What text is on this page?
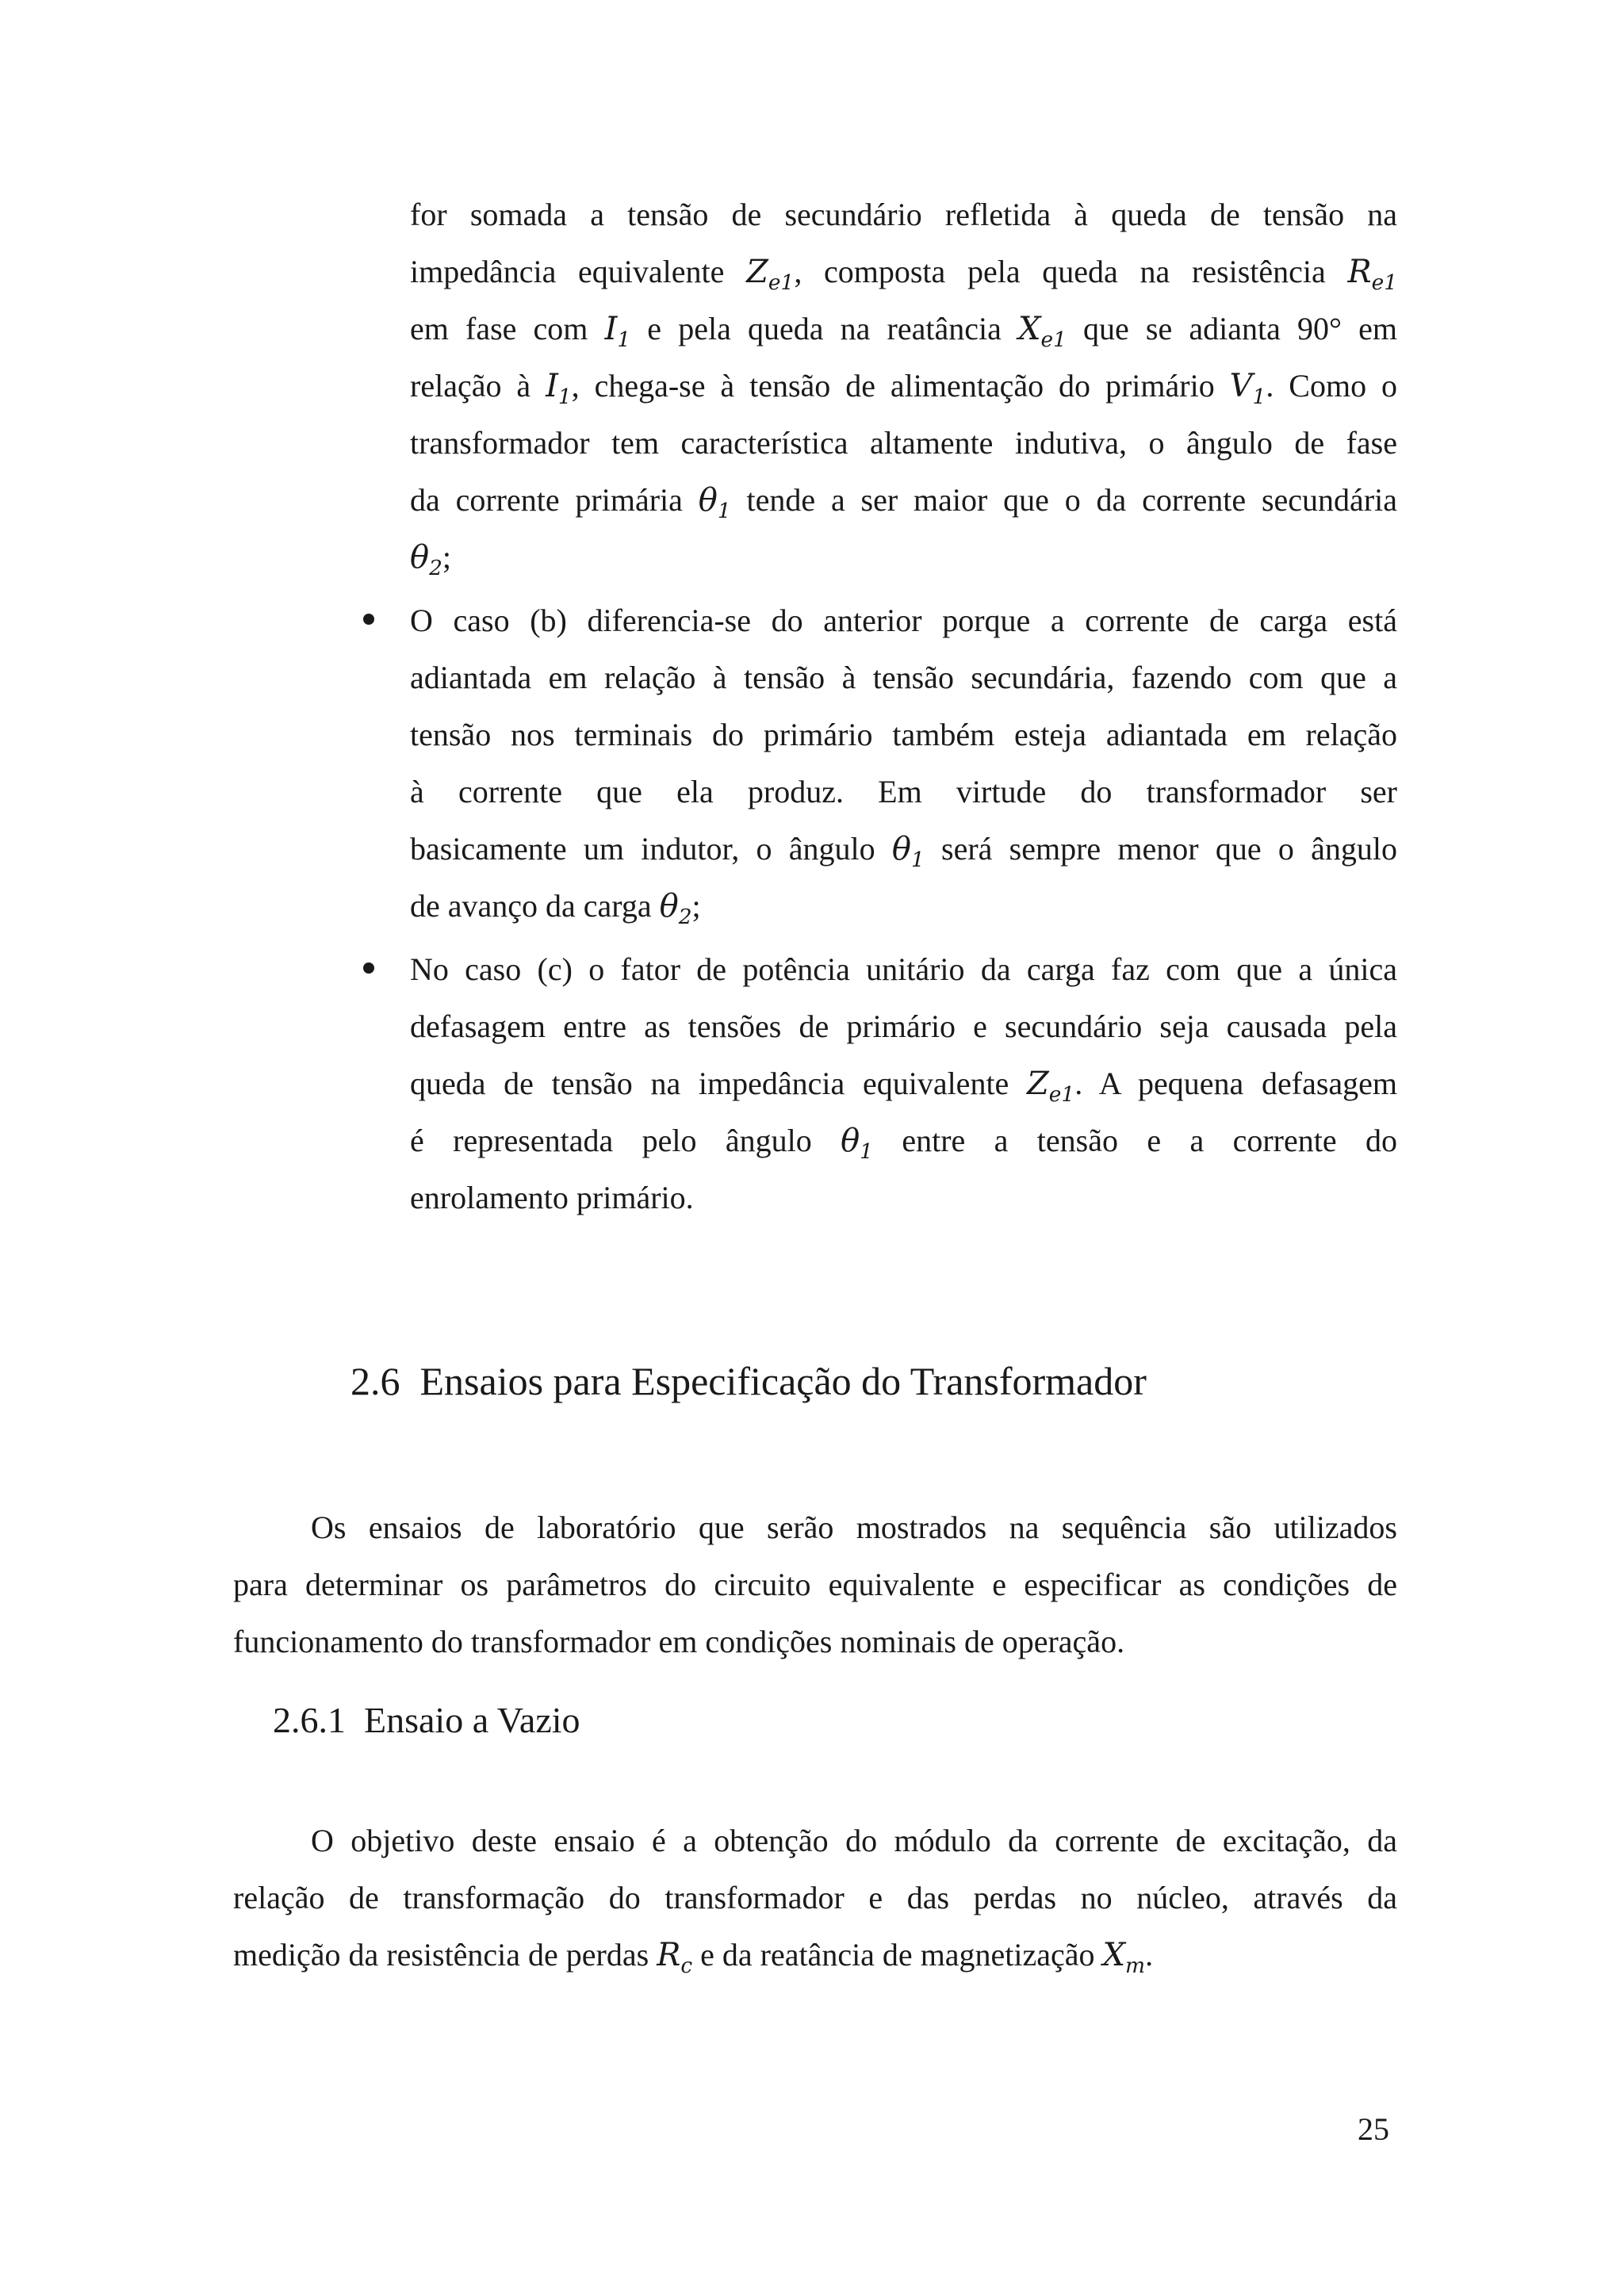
for somada a tensão de secundário refletida à queda de tensão na
impedância equivalente $Z_{e1}$, composta pela queda na resistência $R_{e1}$
em fase com $I_1$ e pela queda na reatância $X_{e1}$ que se adianta 90° em
relação à $I_1$, chega-se à tensão de alimentação do primário $V_1$. Como o
transformador tem característica altamente indutiva, o ângulo de fase
da corrente primária $\theta_1$ tende a ser maior que o da corrente secundária
$\theta_2$;
O caso (b) diferencia-se do anterior porque a corrente de carga está
adiantada em relação à tensão à tensão secundária, fazendo com que a
tensão nos terminais do primário também esteja adiantada em relação
à corrente que ela produz. Em virtude do transformador ser
basicamente um indutor, o ângulo $\theta_1$ será sempre menor que o ângulo
de avanço da carga $\theta_2$;
No caso (c) o fator de potência unitário da carga faz com que a única
defasagem entre as tensões de primário e secundário seja causada pela
queda de tensão na impedância equivalente $Z_{e1}$. A pequena defasagem
é representada pelo ângulo $\theta_1$ entre a tensão e a corrente do
enrolamento primário.
2.6 Ensaios para Especificação do Transformador
Os ensaios de laboratório que serão mostrados na sequência são utilizados
para determinar os parâmetros do circuito equivalente e especificar as condições de
funcionamento do transformador em condições nominais de operação.
2.6.1 Ensaio a Vazio
O objetivo deste ensaio é a obtenção do módulo da corrente de excitação, da
relação de transformação do transformador e das perdas no núcleo, através da
medição da resistência de perdas $R_c$ e da reatância de magnetização $X_m$.
25
